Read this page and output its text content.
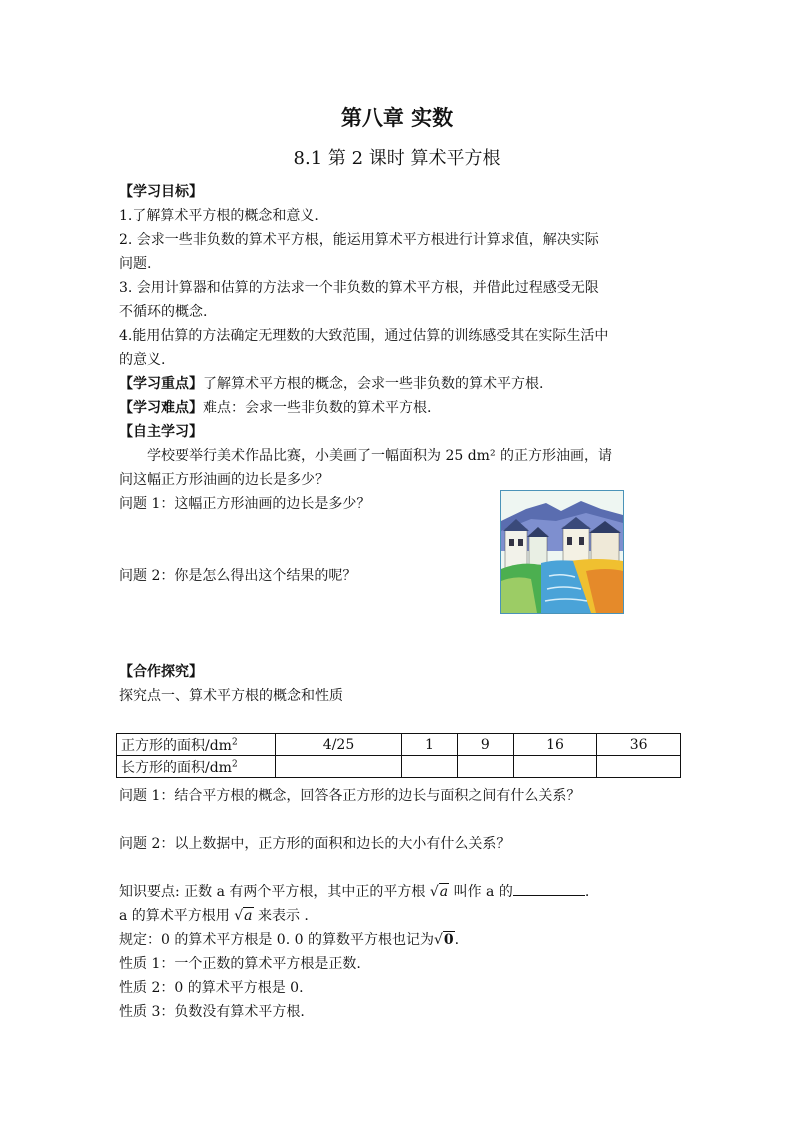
第八章 实数
8.1 第 2 课时 算术平方根
【学习目标】
1.了解算术平方根的概念和意义.
2. 会求一些非负数的算术平方根，能运用算术平方根进行计算求值，解决实际
问题.
3. 会用计算器和估算的方法求一个非负数的算术平方根，并借此过程感受无限
不循环的概念.
4.能用估算的方法确定无理数的大致范围，通过估算的训练感受其在实际生活中
的意义.
【学习重点】了解算术平方根的概念，会求一些非负数的算术平方根.
【学习难点】难点：会求一些非负数的算术平方根.
【自主学习】
学校要举行美术作品比赛，小美画了一幅面积为 25 dm² 的正方形油画，请
问这幅正方形油画的边长是多少？
问题 1：这幅正方形油画的边长是多少？
问题 2：你是怎么得出这个结果的呢？
【合作探究】
探究点一、算术平方根的概念和性质
正方形的面积$/dm^2$	4/25	1	9	16	36
长方形的面积$/dm^2$					
问题 1：结合平方根的概念，回答各正方形的边长与面积之间有什么关系？
问题 2：以上数据中，正方形的面积和边长的大小有什么关系？
知识要点: 正数 a 有两个平方根，其中正的平方根 √a 叫作 a 的	.
a 的算术平方根用 √a 来表示 .
规定：0 的算术平方根是 0. 0 的算数平方根也记为√0.
性质 1：一个正数的算术平方根是正数.
性质 2：0 的算术平方根是 0.
性质 3：负数没有算术平方根.
